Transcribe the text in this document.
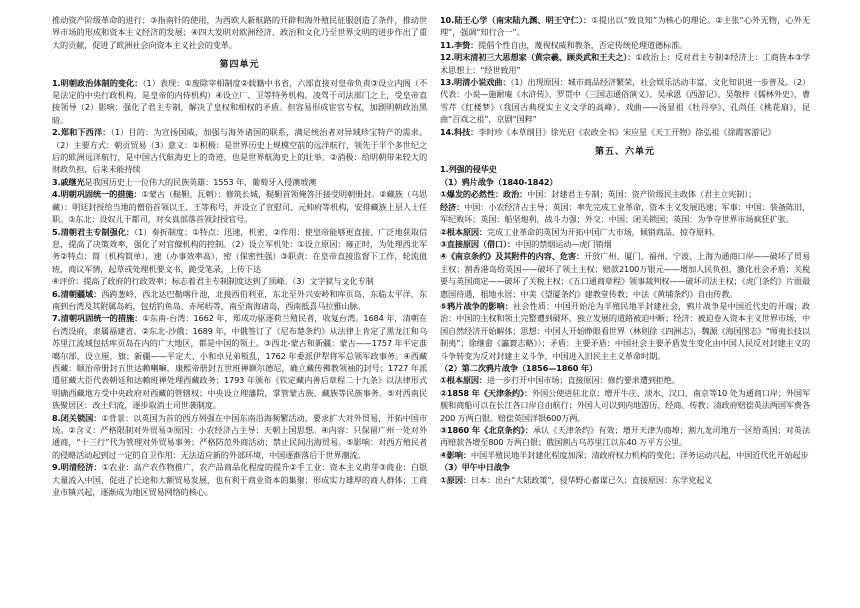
推动资产阶级革命的进行；③指南针的使用，为西欧人新航路的开辟和海外殖民征服创造了条件，推动世界市场的形成和资本主义经济的发展；④四大发明对欧洲经济、政治和文化乃至世界文明的进步作出了重大的贡献，促进了欧洲社会向资本主义社会的变革。

第四单元

1.明朝政治体制的变化：（1）表现：①废除宰相制度②载籍中书省，六部直接对皇帝负责③设立内阁（不是法定的中央行政机构，是皇帝的内侍机构）④设立厂、卫等特务机构，凌驾于司法部门之上，受皇帝直接领导（2）影响：强化了君主专制，解决了皇权和相权的矛盾。但容易形成宦官专权，加剧明朝政治黑暗。

2.郑和下西洋：（1）目的：为宣扬国威，加强与海外诸国的联系，满足统治者对异域珍宝特产的需求。（2）主要方式：朝贡贸易（3）意义：①积极：是世界历史上规模空前的远洋航行，领先于半个多世纪之后的欧洲远洋航行，是中国古代航海史上的奇迹，也是世界航海史上的壮举。②消极：给明朝带来较大的财政负担，后来未能持续

3.戚继光是我国历史上一位伟大的民族英雄：1553 年，葡萄牙入侵澳坡澳

4.明朝巩固统一的措施：①蒙古（鞑靼、瓦剌）：修筑长城，鞑靼首领俺答汗接受明朝册封。②藏族（乌思藏）：明廷封授给当地的僧俗首领以王、王等称号，并设立了宣慰司、元帅府等机构，安排藏族上层人士任职。③东北：设奴儿干都司，对女真部落首领封授官号。

5.清朝君主专制强化：（1）奏折制度；①特点：迅速，机密，②作用：使皇帝能够更直接、广泛地获取信息，提高了决策效率，强化了对官僚机构的控制。（2）设立军机处：①设立原因：雍正时，为处理西北军务②特点：简（机构简单），速（办事效率高），密（保密性强）③职责：在皇帝直接监督下工作，轮流值班，商议军情，起草或处理机要文书，跪受笔录，上传下达

④评价：提高了政府的行政效率；标志着君主专制制度达到了顶峰。（3）文字狱与文化专制

6.清朝疆域：西跨葱岭，西北达巴勒喀什池，北接西伯利亚，东北至外兴安岭和库页岛，东临太平洋，东南到台湾及其附属岛屿，包括钓鱼岛、赤尾屿等，南至南海诸岛，西南抵喜马拉雅山脉。

7.清朝巩固统一的措施：①东南-台湾：1662 年，郑成功驱逐荷兰殖民者，收复台湾。1684 年，清朝在台湾设府，隶属福建省。②东北-沙俄：1689 年，中俄签订了《尼布楚条约》从法律上肯定了黑龙江和乌苏里江流域包括库页岛在内的广大地区，都是中国的领土。③西北-蒙古和新疆：蒙古——1757 年平定准噶尔部，设立厘，旗；新疆——平定大、小和卓兄弟叛乱，1762 年委派伊犁将军总领军政事务。④西藏西藏：顺治帝册封五世达赖喇嘛，康熙帝册封五世班禅额尔德尼，确立藏传佛教领袖的封号；1727 年派遣驻藏大臣代表朝廷和达赖班禅处理西藏政务；1793 年颁布《钦定藏内善后章程二十九条》以法律形式明确西藏地方受中央政府对西藏的管辖权；中央设立理藩院，掌管蒙古族、藏族等民族事务。⑤对西南民族聚居区：改土归流，逐步取消土司世袭制度。

8.闭关锁国：①背景：以英国为首的西方列强在中国东南沿海频繁活动，要求扩大对外贸易，开拓中国市场。②含义：严格限制对外贸易③原因：小农经济占主导：天朝上国思想。④内容：只保留广州一处对外通商，“十三行”代为管理对外贸易事务；严格防范外商活动；禁止民间出海贸易。⑤影响：对西方殖民者的侵略活动起到过一定的自卫作用：无法适应新的外部环境，中国逐渐落后于世界潮流。

9.明清经济：①农业：高产农作物推广，农产品商品化程度的提升②手工业：资本主义萌芽③商业：白银大量流入中国，促进了长途和大额贸易发展，也有利于商业资本的集聚；形成实力雄厚的商人群体；工商业市镇兴起，逐渐成为地区贸易网络的核心。

10.陆王心学（南宋陆九渊、明王守仁）：①提出以“致良知”为核心的理论。②主张“心外无物，心外无理”，强调“知行合一”。

11.李贽：提倡个性自由，蔑视权威和教条，否定传统伦理道德标准。

12.明末清初三大思想家（黄宗羲、顾炎武和王夫之）：①政治上：反对君主专制②经济上：工商皆本③学术思想上：“经世致用”

13.明清小说戏曲：（1）出现原因：城市商品经济繁荣，社会娱乐活动丰富，文化知识进一步普及。（2）代表：小说—施耐庵《水浒传》、罗贯中《三国志通俗演义》、吴承恩《西游记》、吴敬梓《儒林外史》、曹雪芹《红楼梦》（我国古典现实主义文学的高峰）、戏曲——汤显祖《牡丹亭》、孔尚任《桃花扇》，昆曲“百戏之祖”，京剧“国粹”

14.科技：李时珍《本草纲目》徐光启《农政全书》宋应星《天工开物》徐弘祖《徐霞客游记》

第五、六单元

1.列强的侵华史

（1）鸦片战争（1840-1842）

①爆发的必然性：政治：中国：封建君主专制；英国：资产阶级民主政体（君主立宪制）；

经济：中国：小农经济占主导；英国：率先完成工业革命，资本主义发展迅速；军事：中国：装备陈旧，军纪败坏；英国：船坚炮利，战斗力强；外交：中国：闭关锁国；英国：为争夺世界市场疯狂扩张。

②根本原因：完成工业革命的英国为开拓中国广大市场，倾销商品、掠夺原料。

③直接原因（借口）：中国的禁烟运动—虎门销烟

④《南京条约》及其附件的内容、危害：开放广州、厦门、福州、宁波、上海为通商口岸——破坏了贸易主权；割香港岛给英国——破坏了领土主权；赔款2100万银元——增加人民负担，激化社会矛盾；关税要与英国商定——破坏了关税主权；《五口通商章程》领事裁判权——破坏司法主权；《虎门条约》片面最惠国待遇，租地永居；中美《望厦条约》建教堂传教；中法《黄埔条约》自由传教。

⑤鸦片战争的影响：社会性质：中国开始沦为半殖民地半封建社会，鸦片战争是中国近代史的开端；政治：中国的主权和领土完整遭到破坏，独立发展的道路被迫中断；经济：被迫卷入资本主义世界市场，中国自然经济开始解体；思想：中国人开始睁眼看世界（林则徐《四洲志》，魏源《海国图志》“师夷长技以制夷”；徐继畲《瀛寰志略》）；矛盾：主要矛盾：中国社会主要矛盾发生变化由中国人民反对封建主义的斗争转变为反对封建主义斗争，中国进入旧民主主义革命时期。

（2）第二次鸦片战争（1856—1860 年）

①根本原因：进一步打开中国市场；直接原因：修约要求遭到拒绝。

②1858 年《天津条约》：外国公使进驻北京；增开牛庄、淡水、汉口、南京等10 处为通商口岸；外国军舰和商船可以在长江各口岸自由航行；外国人可以到内地游历、经商、传教；清政府赔偿英法两国军费各200 万两白银。赔偿英国洋银600万两。

③1860 年《北京条约》：承认《天津条约》有效；增开天津为商埠；割九龙司地方一区给英国；对英法再赔款各增至800 万两白银；俄国割占乌苏里江以东40 万平方公里。

④影响：中国半殖民地半封建化程度加深；清政府权力机构的变化；洋务运动兴起，中国近代化开始起步

（3）甲午中日战争

①原因：日本：出台“大陆政策”，侵华野心蓄谋已久；直接原因：东学党起义
